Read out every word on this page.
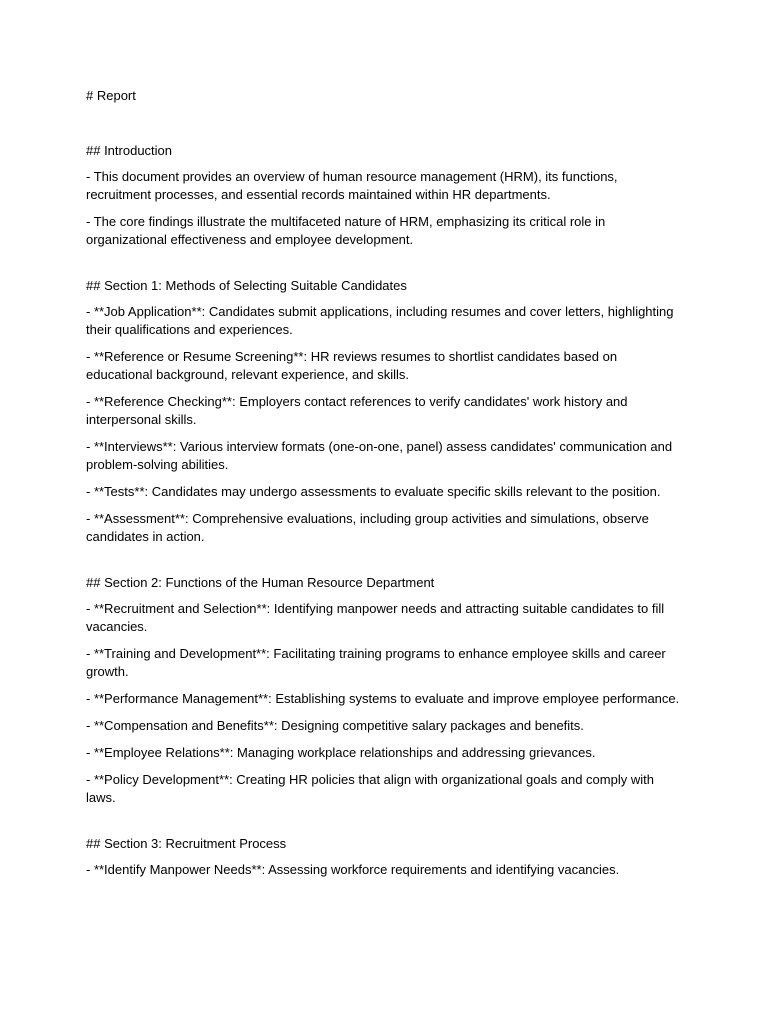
# Report
## Introduction
- This document provides an overview of human resource management (HRM), its functions, recruitment processes, and essential records maintained within HR departments.
- The core findings illustrate the multifaceted nature of HRM, emphasizing its critical role in organizational effectiveness and employee development.
## Section 1: Methods of Selecting Suitable Candidates
- **Job Application**: Candidates submit applications, including resumes and cover letters, highlighting their qualifications and experiences.
- **Reference or Resume Screening**: HR reviews resumes to shortlist candidates based on educational background, relevant experience, and skills.
- **Reference Checking**: Employers contact references to verify candidates' work history and interpersonal skills.
- **Interviews**: Various interview formats (one-on-one, panel) assess candidates' communication and problem-solving abilities.
- **Tests**: Candidates may undergo assessments to evaluate specific skills relevant to the position.
- **Assessment**: Comprehensive evaluations, including group activities and simulations, observe candidates in action.
## Section 2: Functions of the Human Resource Department
- **Recruitment and Selection**: Identifying manpower needs and attracting suitable candidates to fill vacancies.
- **Training and Development**: Facilitating training programs to enhance employee skills and career growth.
- **Performance Management**: Establishing systems to evaluate and improve employee performance.
- **Compensation and Benefits**: Designing competitive salary packages and benefits.
- **Employee Relations**: Managing workplace relationships and addressing grievances.
- **Policy Development**: Creating HR policies that align with organizational goals and comply with laws.
## Section 3: Recruitment Process
- **Identify Manpower Needs**: Assessing workforce requirements and identifying vacancies.
